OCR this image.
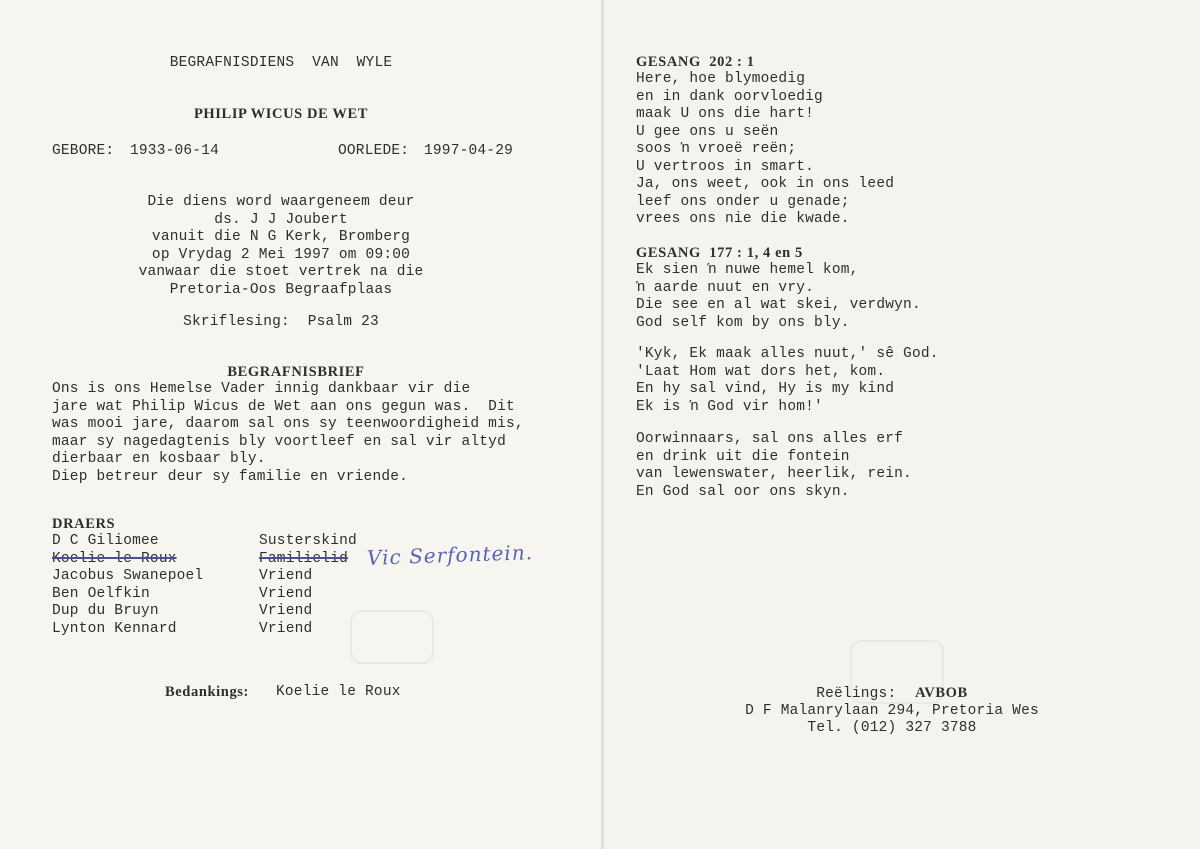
BEGRAFNISDIENS  VAN  WYLE
PHILIP WICUS DE WET
GEBORE: 1933-06-14	OORLEDE: 1997-04-29
Die diens word waargeneem deur
ds. J J Joubert
vanuit die N G Kerk, Bromberg
op Vrydag 2 Mei 1997 om 09:00
vanwaar die stoet vertrek na die
Pretoria-Oos Begraafplaas
Skriflesing:  Psalm 23
BEGRAFNISBRIEF
Ons is ons Hemelse Vader innig dankbaar vir die
jare wat Philip Wicus de Wet aan ons gegun was.  Dit
was mooi jare, daarom sal ons sy teenwoordigheid mis,
maar sy nagedagtenis bly voortleef en sal vir altyd
dierbaar en kosbaar bly.
Diep betreur deur sy familie en vriende.
DRAERS
D C Giliomee	Susterskind
Koelie le Roux	Familielid
Jacobus Swanepoel	Vriend
Ben Oelfkin	Vriend
Dup du Bruyn	Vriend
Lynton Kennard	Vriend
Vic Serfontein.
Bedankings: Koelie le Roux
GESANG  202 : 1
Here, hoe blymoedig
en in dank oorvloedig
maak U ons die hart!
U gee ons u seën
soos ŉ vroeë reën;
U vertroos in smart.
Ja, ons weet, ook in ons leed
leef ons onder u genade;
vrees ons nie die kwade.
GESANG  177 : 1, 4 en 5
Ek sien ŉ nuwe hemel kom,
ŉ aarde nuut en vry.
Die see en al wat skei, verdwyn.
God self kom by ons bly.
'Kyk, Ek maak alles nuut,' sê God.
'Laat Hom wat dors het, kom.
En hy sal vind, Hy is my kind
Ek is ŉ God vir hom!'
Oorwinnaars, sal ons alles erf
en drink uit die fontein
van lewenswater, heerlik, rein.
En God sal oor ons skyn.
Reëlings: AVBOB
D F Malanrylaan 294, Pretoria Wes
Tel. (012) 327 3788
